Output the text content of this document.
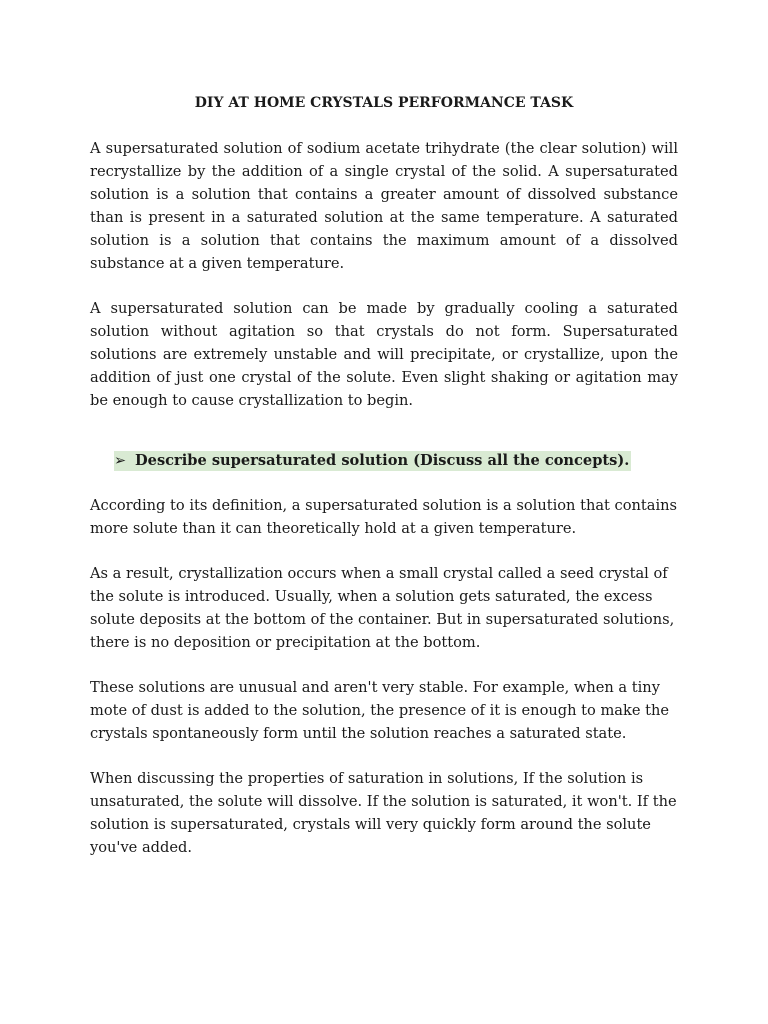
DIY AT HOME CRYSTALS PERFORMANCE TASK

A supersaturated solution of sodium acetate trihydrate (the clear solution) will recrystallize by the addition of a single crystal of the solid. A supersaturated solution is a solution that contains a greater amount of dissolved substance than is present in a saturated solution at the same temperature. A saturated solution is a solution that contains the maximum amount of a dissolved substance at a given temperature.

A supersaturated solution can be made by gradually cooling a saturated solution without agitation so that crystals do not form. Supersaturated solutions are extremely unstable and will precipitate, or crystallize, upon the addition of just one crystal of the solute. Even slight shaking or agitation may be enough to cause crystallization to begin.

➢ Describe supersaturated solution (Discuss all the concepts).

According to its definition, a supersaturated solution is a solution that contains more solute than it can theoretically hold at a given temperature.

As a result, crystallization occurs when a small crystal called a seed crystal of the solute is introduced. Usually, when a solution gets saturated, the excess solute deposits at the bottom of the container. But in supersaturated solutions, there is no deposition or precipitation at the bottom.

These solutions are unusual and aren't very stable. For example, when a tiny mote of dust is added to the solution, the presence of it is enough to make the crystals spontaneously form until the solution reaches a saturated state.

When discussing the properties of saturation in solutions, If the solution is unsaturated, the solute will dissolve. If the solution is saturated, it won't. If the solution is supersaturated, crystals will very quickly form around the solute you've added.
